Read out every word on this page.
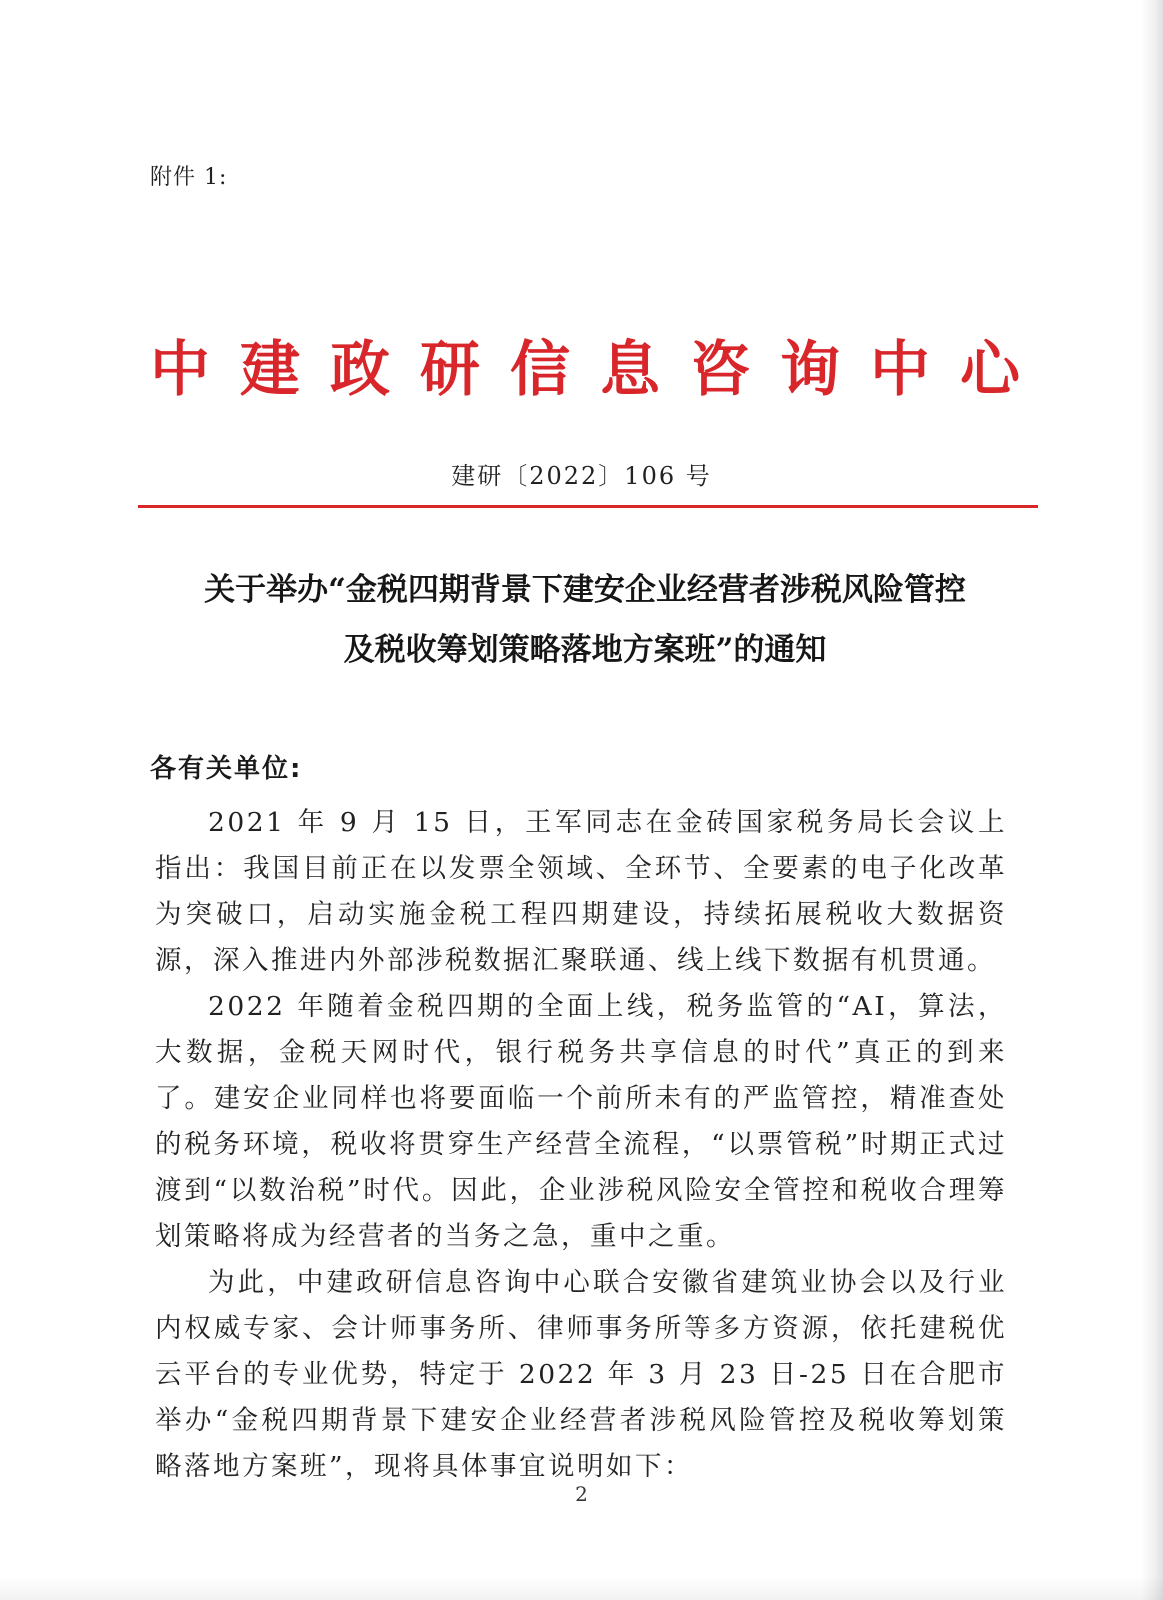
附件 1:
中 建 政 研 信 息 咨 询 中 心
建研〔2022〕106 号
关于举办“金税四期背景下建安企业经营者涉税风险管控
及税收筹划策略落地方案班”的通知
各有关单位:

2021 年 9 月 15 日，王军同志在金砖国家税务局长会议上指出：我国目前正在以发票全领域、全环节、全要素的电子化改革为突破口，启动实施金税工程四期建设，持续拓展税收大数据资源，深入推进内外部涉税数据汇聚联通、线上线下数据有机贯通。

2022 年随着金税四期的全面上线，税务监管的“AI，算法，大数据，金税天网时代，银行税务共享信息的时代”真正的到来了。建安企业同样也将要面临一个前所未有的严监管控，精准查处的税务环境，税收将贯穿生产经营全流程，“以票管税”时期正式过渡到“以数治税”时代。因此，企业涉税风险安全管控和税收合理筹划策略将成为经营者的当务之急，重中之重。

为此，中建政研信息咨询中心联合安徽省建筑业协会以及行业内权威专家、会计师事务所、律师事务所等多方资源，依托建税优云平台的专业优势，特定于 2022 年 3 月 23 日-25 日在合肥市举办“金税四期背景下建安企业经营者涉税风险管控及税收筹划策略落地方案班”，现将具体事宜说明如下：

2
